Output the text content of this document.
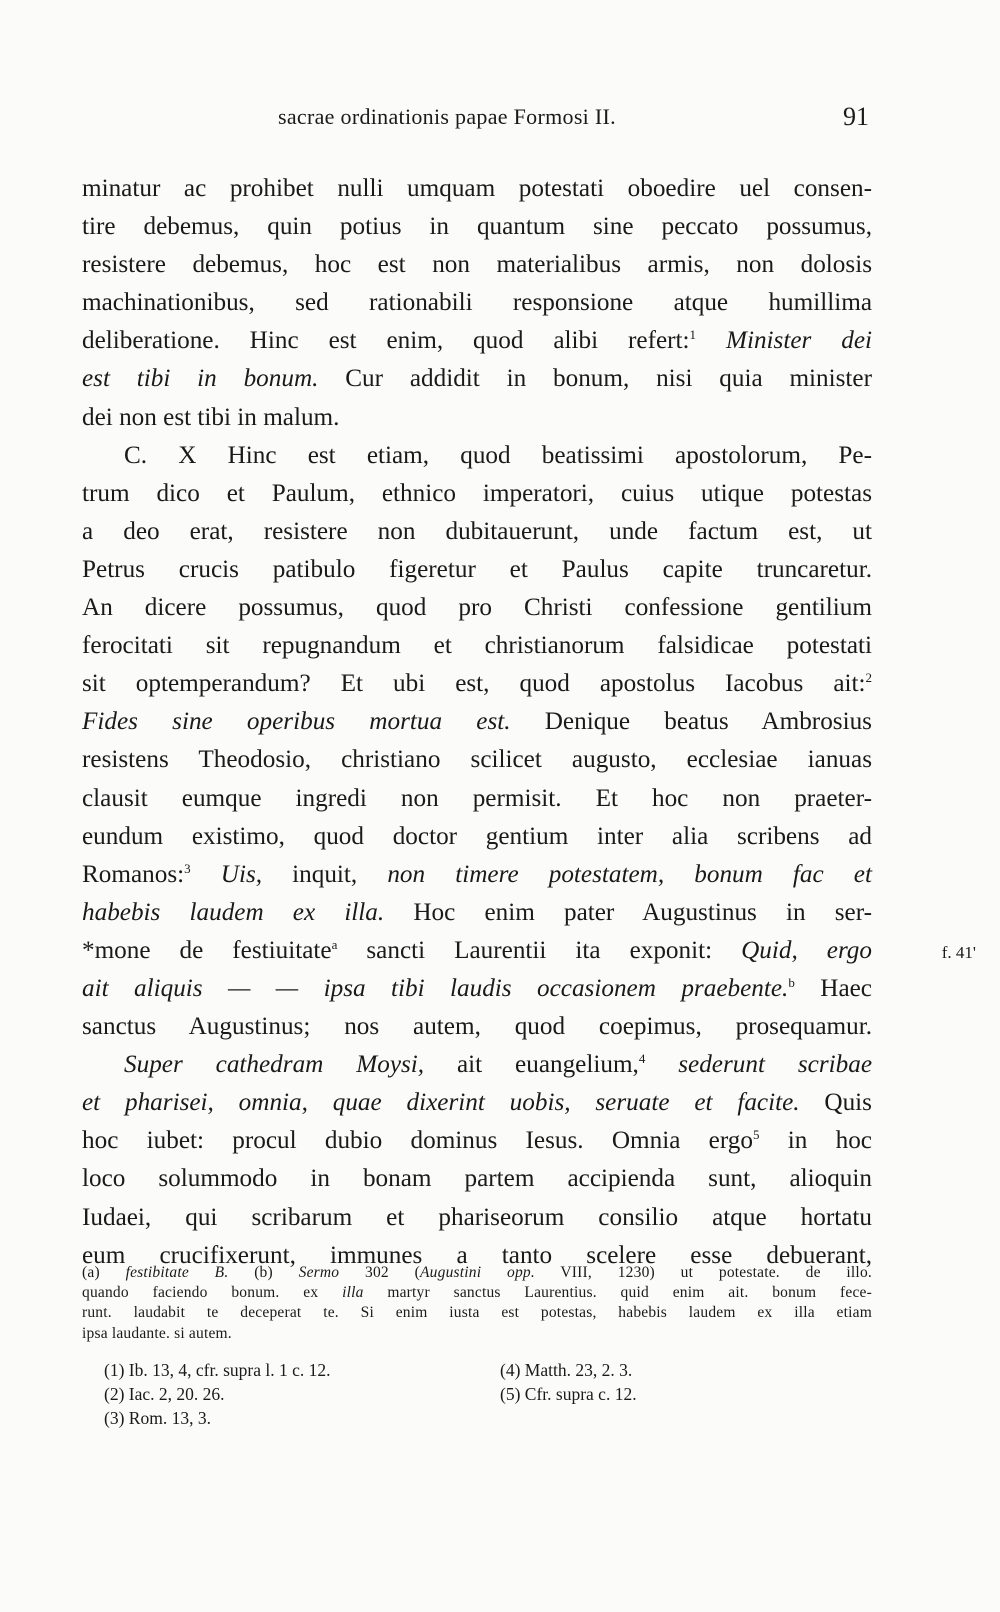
sacrae ordinationis papae Formosi II.	91
minatur ac prohibet nulli umquam potestati oboedire uel consen-
tire debemus, quin potius in quantum sine peccato possumus,
resistere debemus, hoc est non materialibus armis, non dolosis
machinationibus, sed rationabili responsione atque humillima
deliberatione. Hinc est enim, quod alibi refert:$^1$ Minister dei
est tibi in bonum. Cur addidit in bonum, nisi quia minister
dei non est tibi in malum.
C. X Hinc est etiam, quod beatissimi apostolorum, Pe-
trum dico et Paulum, ethnico imperatori, cuius utique potestas
a deo erat, resistere non dubitauerunt, unde factum est, ut
Petrus crucis patibulo figeretur et Paulus capite truncaretur.
An dicere possumus, quod pro Christi confessione gentilium
ferocitati sit repugnandum et christianorum falsidicae potestati
sit optemperandum? Et ubi est, quod apostolus Iacobus ait:$^2$
Fides sine operibus mortua est. Denique beatus Ambrosius
resistens Theodosio, christiano scilicet augusto, ecclesiae ianuas
clausit eumque ingredi non permisit. Et hoc non praeter-
eundum existimo, quod doctor gentium inter alia scribens ad
Romanos:$^3$ Uis, inquit, non timere potestatem, bonum fac et
habebis laudem ex illa. Hoc enim pater Augustinus in ser-
*mone de festiuitate$^a$ sancti Laurentii ita exponit: Quid, ergo	f. 41'
ait aliquis — — ipsa tibi laudis occasionem praebente.$^b$ Haec
sanctus Augustinus; nos autem, quod coepimus, prosequamur.
Super cathedram Moysi, ait euangelium,$^4$ sederunt scribae
et pharisei, omnia, quae dixerint uobis, seruate et facite. Quis
hoc iubet: procul dubio dominus Iesus. Omnia ergo$^5$ in hoc
loco solummodo in bonam partem accipienda sunt, alioquin
Iudaei, qui scribarum et phariseorum consilio atque hortatu
eum crucifixerunt, immunes a tanto scelere esse debuerant,
(a) festibitate B. (b) Sermo 302 (Augustini opp. VIII, 1230) ut potestate. de illo.
quando faciendo bonum. ex illa martyr sanctus Laurentius. quid enim ait. bonum fece-
runt. laudabit te deceperat te. Si enim iusta est potestas, habebis laudem ex illa etiam
ipsa laudante. si autem.
(1) Ib. 13, 4, cfr. supra l. 1 c. 12.	(4) Matth. 23, 2. 3.
(2) Iac. 2, 20. 26.	(5) Cfr. supra c. 12.
(3) Rom. 13, 3.
